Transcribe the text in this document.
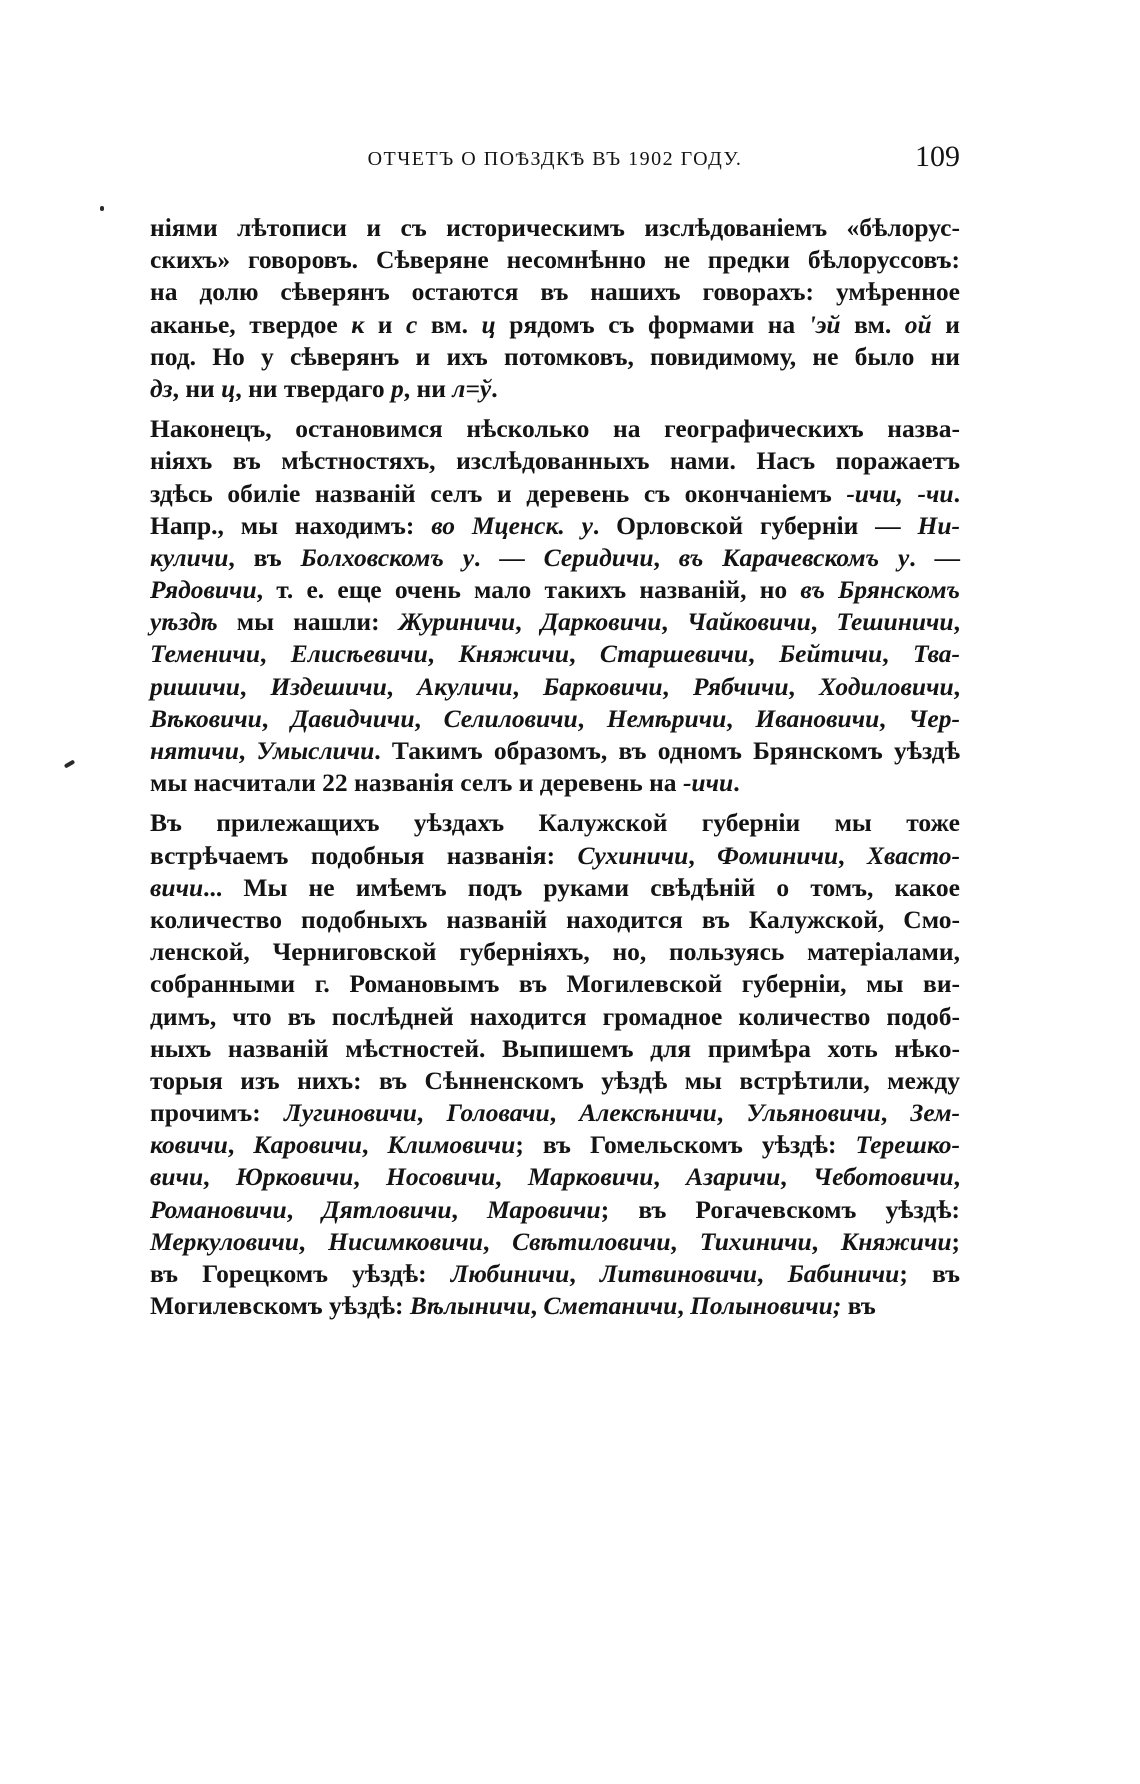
ОТЧЕТЪ О ПОѢЗДКѢ ВЪ 1902 ГОДУ.	109
ніями лѣтописи и съ историческимъ изслѣдованіемъ «бѣлорус-
скихъ» говоровъ. Сѣверяне несомнѣнно не предки бѣлоруссовъ:
на долю сѣверянъ остаются въ нашихъ говорахъ: умѣренное
аканье, твердое к и с вм. ц рядомъ съ формами на 'эй вм. ой и
под. Но у сѣверянъ и ихъ потомковъ, повидимому, не было ни
дз, ни ц, ни твердаго р, ни л=ў.
Наконецъ, остановимся нѣсколько на географическихъ назва-
ніяхъ въ мѣстностяхъ, изслѣдованныхъ нами. Насъ поражаетъ
здѣсь обиліе названій селъ и деревень съ окончаніемъ -ичи, -чи.
Напр., мы находимъ: во Мценск. у. Орловской губерніи — Ни-
куличи, въ Болховскомъ у. — Серидичи, въ Карачевскомъ у. —
Рядовичи, т. е. еще очень мало такихъ названій, но въ Брянскомъ
уѣздѣ мы нашли: Журиничи, Дарковичи, Чайковичи, Тешиничи,
Теменичи, Елисѣевичи, Княжичи, Старшевичи, Бейтичи, Тва-
ришичи, Издешичи, Акуличи, Барковичи, Рябчичи, Ходиловичи,
Вѣковичи, Давидчичи, Селиловичи, Немѣричи, Ивановичи, Чер-
нятичи, Умысличи. Такимъ образомъ, въ одномъ Брянскомъ уѣздѣ
мы насчитали 22 названія селъ и деревень на -ичи.
Въ прилежащихъ уѣздахъ Калужской губерніи мы тоже
встрѣчаемъ подобныя названія: Сухиничи, Фоминичи, Хвасто-
вичи... Мы не имѣемъ подъ руками свѣдѣній о томъ, какое
количество подобныхъ названій находится въ Калужской, Смо-
ленской, Черниговской губерніяхъ, но, пользуясь матеріалами,
собранными г. Романовымъ въ Могилевской губерніи, мы ви-
димъ, что въ послѣдней находится громадное количество подоб-
ныхъ названій мѣстностей. Выпишемъ для примѣра хоть нѣко-
торыя изъ нихъ: въ Сѣнненскомъ уѣздѣ мы встрѣтили, между
прочимъ: Лугиновичи, Головачи, Алексѣничи, Ульяновичи, Зем-
ковичи, Каровичи, Климовичи; въ Гомельскомъ уѣздѣ: Терешко-
вичи, Юрковичи, Носовичи, Марковичи, Азаричи, Чеботовичи,
Романовичи, Дятловичи, Маровичи; въ Рогачевскомъ уѣздѣ:
Меркуловичи, Нисимковичи, Свѣтиловичи, Тихиничи, Княжичи;
въ Горецкомъ уѣздѣ: Любиничи, Литвиновичи, Бабиничи; въ
Могилевскомъ уѣздѣ: Вѣлыничи, Сметаничи, Полыновичи; въ
